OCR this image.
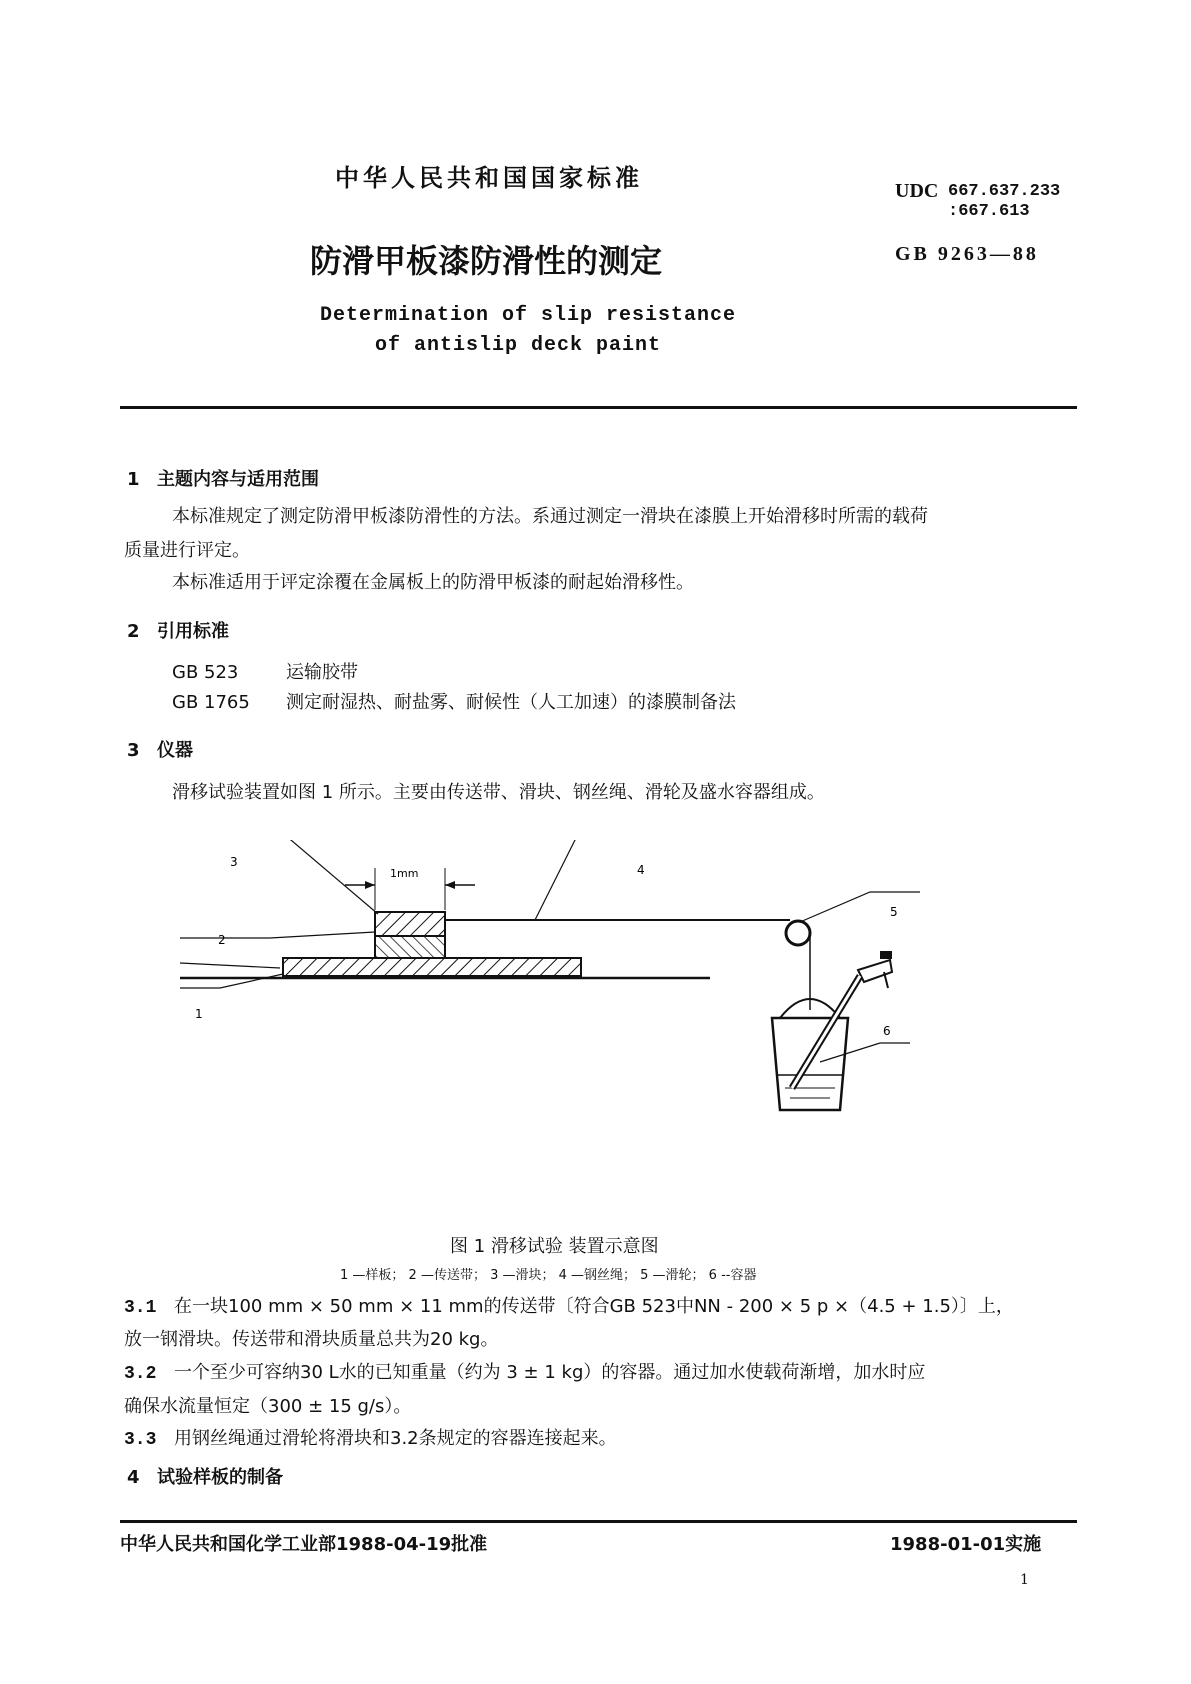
中华人民共和国国家标准	UDC 667.637.233
:667.613
GB 9263—88
防滑甲板漆防滑性的测定
Determination of slip resistance
of antislip deck paint
1 主题内容与适用范围
本标准规定了测定防滑甲板漆防滑性的方法。系通过测定一滑块在漆膜上开始滑移时所需的载荷
质量进行评定。
本标准适用于评定涂覆在金属板上的防滑甲板漆的耐起始滑移性。
2 引用标准
GB 523	运输胶带
GB 1765 测定耐湿热、耐盐雾、耐候性（人工加速）的漆膜制备法
3 仪器
滑移试验装置如图 1 所示。主要由传送带、滑块、钢丝绳、滑轮及盛水容器组成。
1mm
1
2
3
4
5
6
图 1 滑移试验 装置示意图
1 —样板； 2 —传送带； 3 —滑块； 4 —钢丝绳； 5 —滑轮； 6 --容器
3.1 在一块100 mm × 50 mm × 11 mm的传送带〔符合GB 523中NN - 200 × 5 p ×（4.5 + 1.5）〕上，
放一钢滑块。传送带和滑块质量总共为20 kg。
3.2 一个至少可容纳30 L水的已知重量（约为 3 ± 1 kg）的容器。通过加水使载荷渐增，加水时应
确保水流量恒定（300 ± 15 g/s）。
3.3 用钢丝绳通过滑轮将滑块和3.2条规定的容器连接起来。
4 试验样板的制备
中华人民共和国化学工业部1988-04-19批准	1988-01-01实施
1
